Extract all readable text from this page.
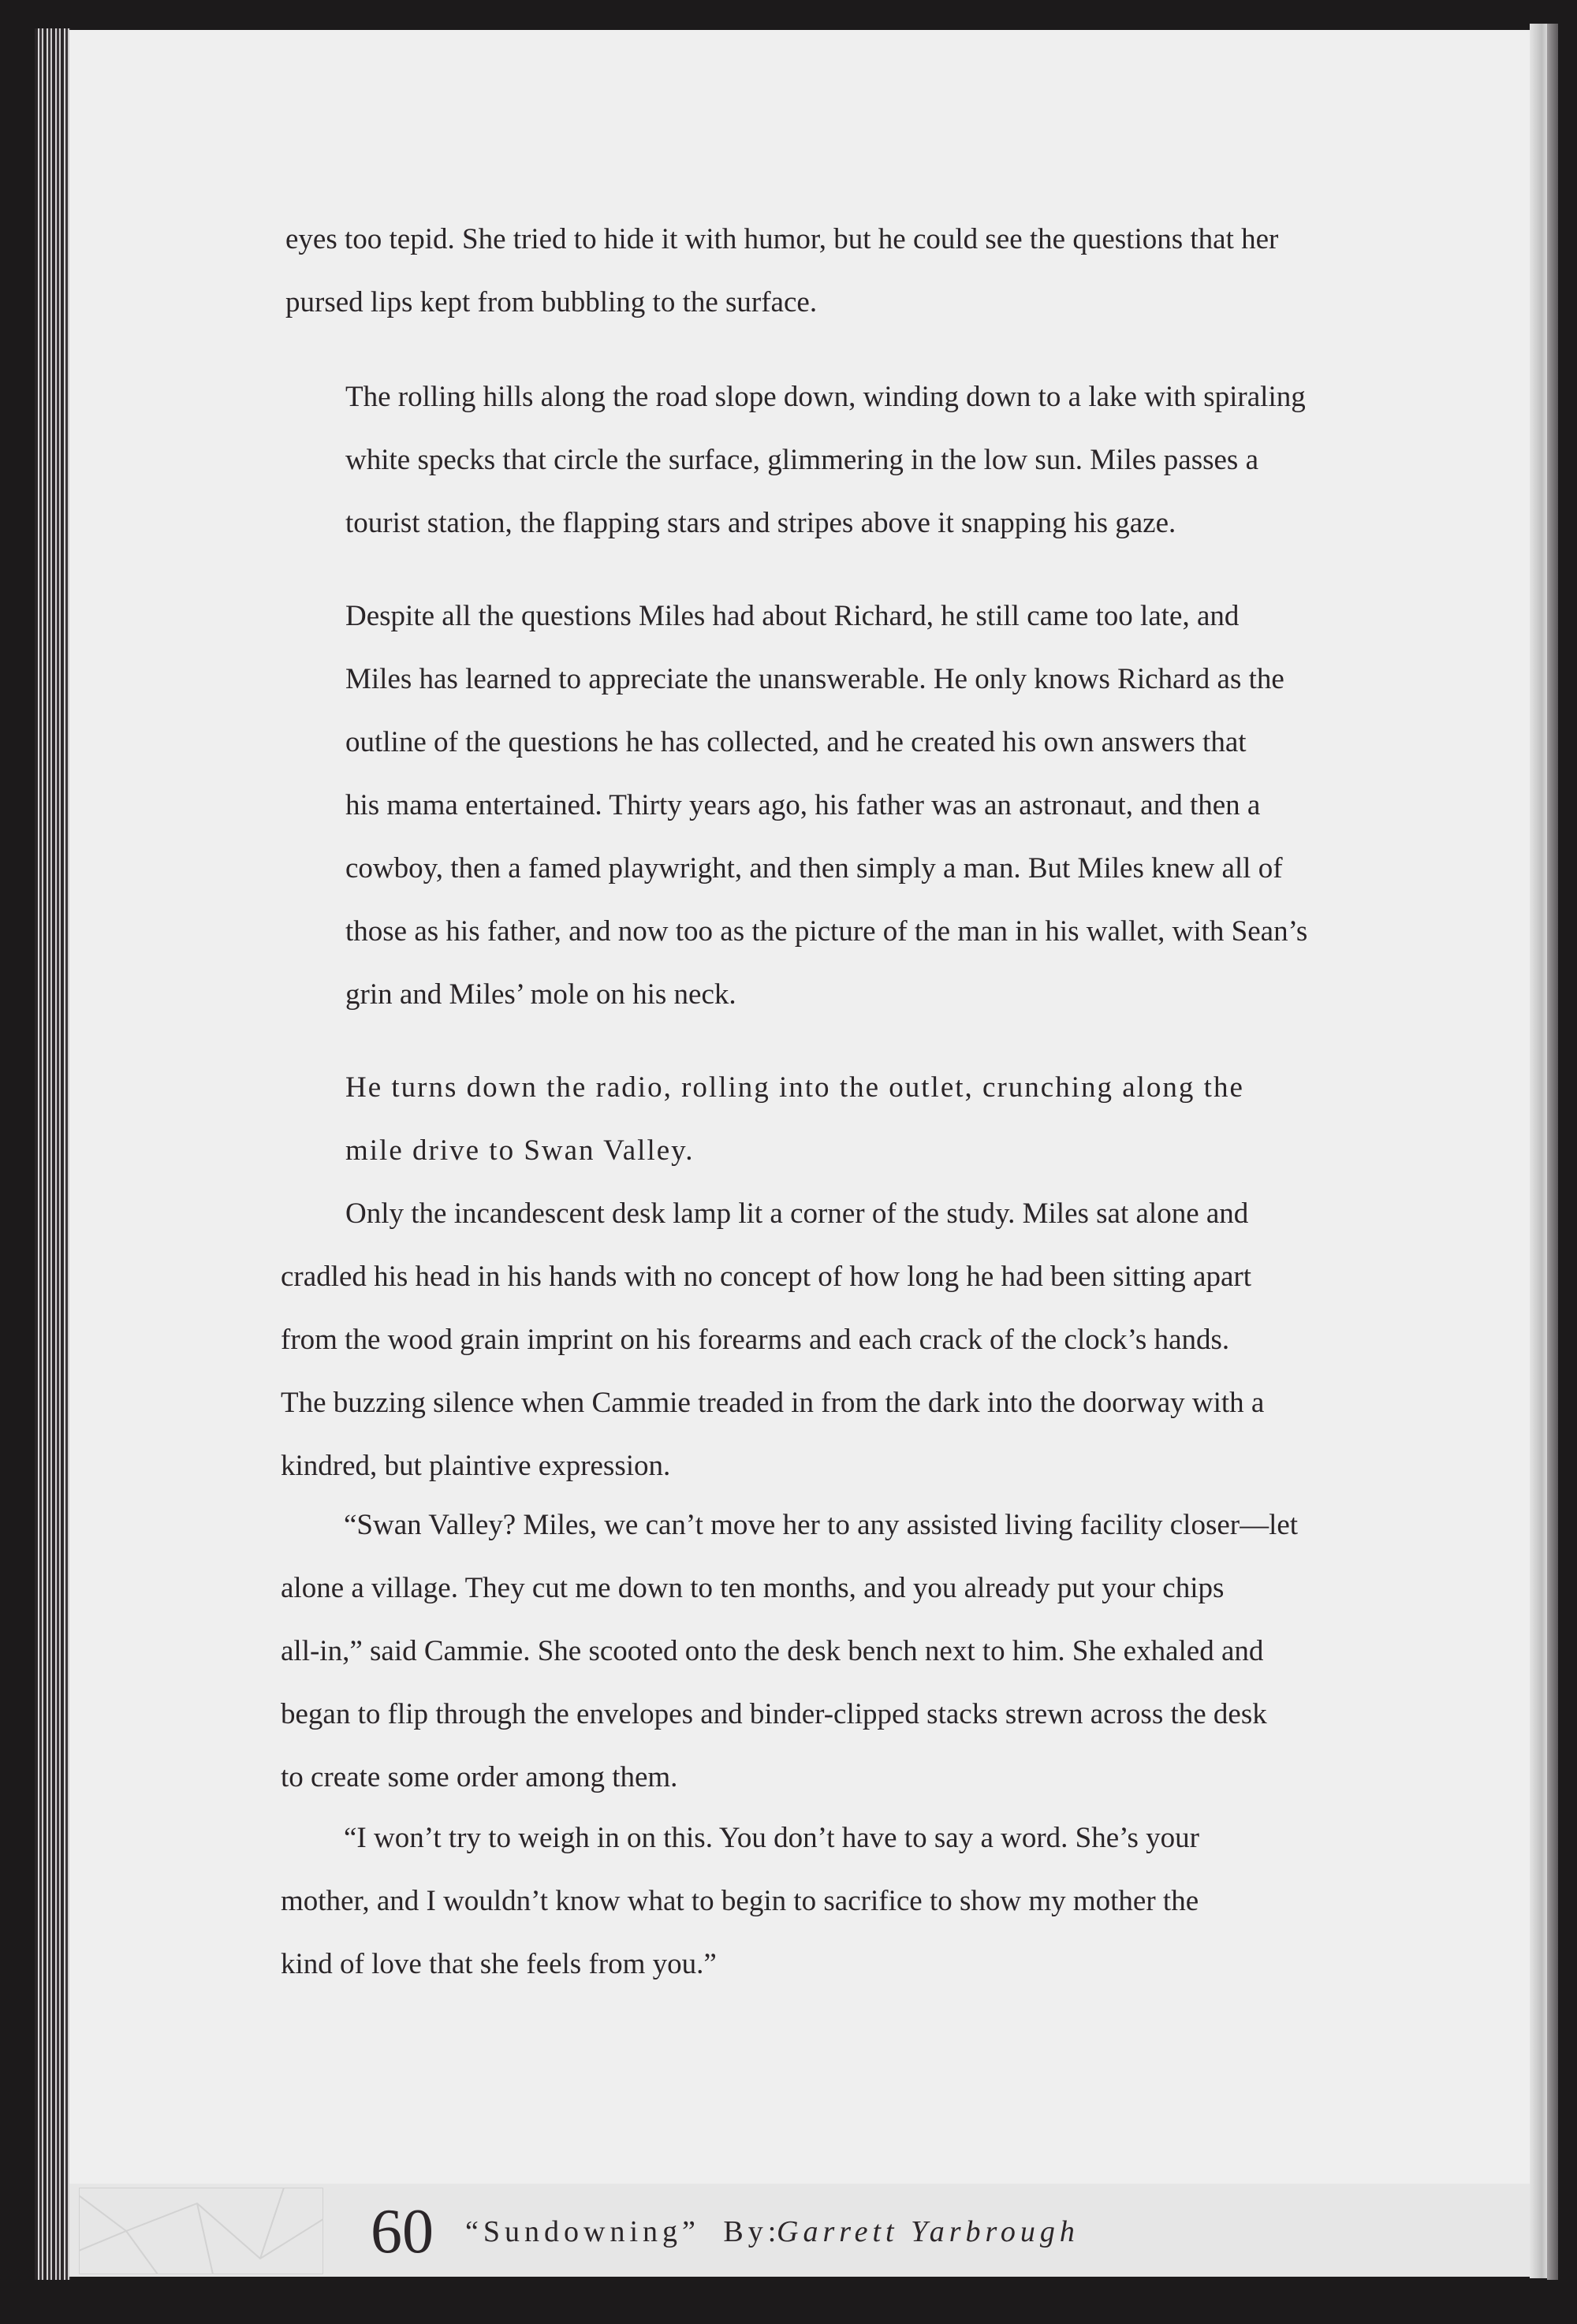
eyes too tepid. She tried to hide it with humor, but he could see the questions that her
pursed lips kept from bubbling to the surface.

The rolling hills along the road slope down, winding down to a lake with spiraling
white specks that circle the surface, glimmering in the low sun. Miles passes a
tourist station, the flapping stars and stripes above it snapping his gaze.

Despite all the questions Miles had about Richard, he still came too late, and
Miles has learned to appreciate the unanswerable. He only knows Richard as the
outline of the questions he has collected, and he created his own answers that
his mama entertained. Thirty years ago, his father was an astronaut, and then a
cowboy, then a famed playwright, and then simply a man. But Miles knew all of
those as his father, and now too as the picture of the man in his wallet, with Sean’s
grin and Miles’ mole on his neck.

He turns down the radio, rolling into the outlet, crunching along the
mile drive to Swan Valley.

Only the incandescent desk lamp lit a corner of the study. Miles sat alone and
cradled his head in his hands with no concept of how long he had been sitting apart
from the wood grain imprint on his forearms and each crack of the clock’s hands.
The buzzing silence when Cammie treaded in from the dark into the doorway with a
kindred, but plaintive expression.

“Swan Valley? Miles, we can’t move her to any assisted living facility closer—let
alone a village. They cut me down to ten months, and you already put your chips
all-in,” said Cammie. She scooted onto the desk bench next to him. She exhaled and
began to flip through the envelopes and binder-clipped stacks strewn across the desk
to create some order among them.

“I won’t try to weigh in on this. You don’t have to say a word. She’s your
mother, and I wouldn’t know what to begin to sacrifice to show my mother the
kind of love that she feels from you.”

60 “Sundowning” By:
Garrett Yarbrough
